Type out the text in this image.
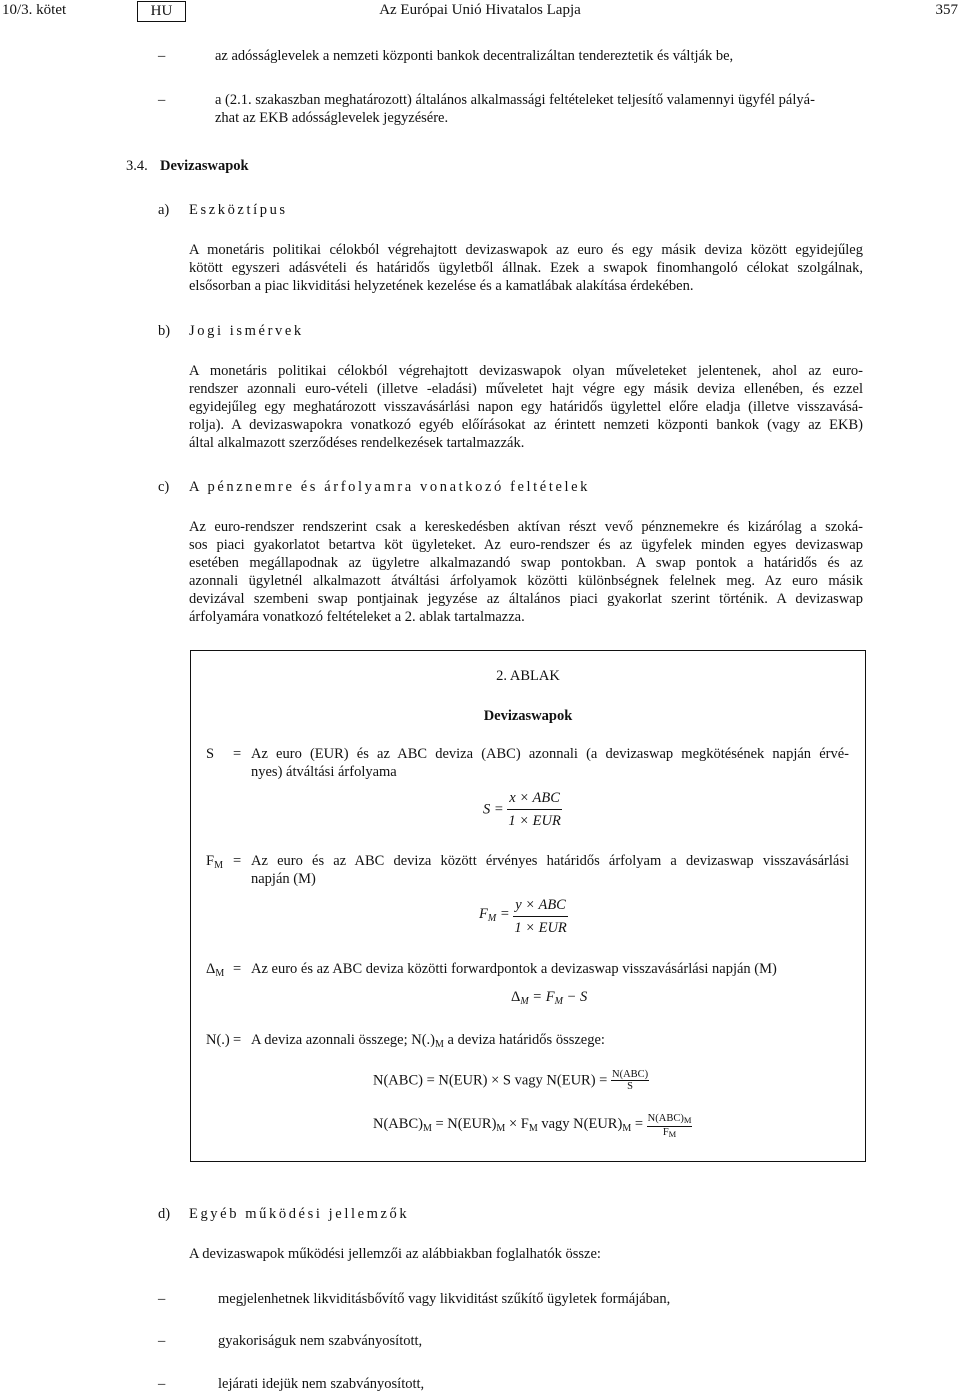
Az Európai Unió Hivatalos Lapja
10/3. kötet	HU	357
–	az adósságlevelek a nemzeti központi bankok decentralizáltan tendereztetik és váltják be,
–	a (2.1. szakaszban meghatározott) általános alkalmassági feltételeket teljesítő valamennyi ügyfél pályá-
zhat az EKB adósságlevelek jegyzésére.
3.4. Devizaswapok
a) Eszköztípus
A monetáris politikai célokból végrehajtott devizaswapok az euro és egy másik deviza között egyidejűleg
kötött egyszeri adásvételi és határidős ügyletből állnak. Ezek a swapok finomhangoló célokat szolgálnak,
elsősorban a piac likviditási helyzetének kezelése és a kamatlábak alakítása érdekében.
b) Jogi ismérvek
A monetáris politikai célokból végrehajtott devizaswapok olyan műveleteket jelentenek, ahol az euro-
rendszer azonnali euro-vételi (illetve -eladási) műveletet hajt végre egy másik deviza ellenében, és ezzel
egyidejűleg egy meghatározott visszavásárlási napon egy határidős ügylettel előre eladja (illetve visszavásá-
rolja). A devizaswapokra vonatkozó egyéb előírásokat az érintett nemzeti központi bankok (vagy az EKB)
által alkalmazott szerződéses rendelkezések tartalmazzák.
c) A pénznemre és árfolyamra vonatkozó feltételek
Az euro-rendszer rendszerint csak a kereskedésben aktívan részt vevő pénznemekre és kizárólag a szoká-
sos piaci gyakorlatot betartva köt ügyleteket. Az euro-rendszer és az ügyfelek minden egyes devizaswap
esetében megállapodnak az ügyletre alkalmazandó swap pontokban. A swap pontok a határidős és az
azonnali ügyletnél alkalmazott átváltási árfolyamok közötti különbségnek felelnek meg. Az euro másik
devizával szembeni swap pontjainak jegyzése az általános piaci gyakorlat szerint történik. A devizaswap
árfolyamára vonatkozó feltételeket a 2. ablak tartalmazza.
2. ABLAK
Devizaswapok
S = Az euro (EUR) és az ABC deviza (ABC) azonnali (a devizaswap megkötésének napján érvé-
nyes) átváltási árfolyama
$S = \frac{\text{x × ABC}}{\text{1 × EUR}}$
$F_M = Az$ euro és az ABC deviza között érvényes határidős árfolyam a devizaswap visszavásárlási
napján (M)
$F_M = \frac{\text{y × ABC}}{\text{1 × EUR}}$
$\Delta_M = Az$ euro és az ABC deviza közötti forwardpontok a devizaswap visszavásárlási napján (M)
$\Delta_M = F_M - S$
N(.) = A deviza azonnali összege; $N(.)_M$ a deviza határidős összege:
N(ABC) = N(EUR) × S vagy $N(EUR) = \frac{\text{N(ABC)}}{S}$
$N(ABC)_M = N(EUR)_M \times F_M$ vagy $N(EUR)_M = \frac{\text{N(ABC)M}}{FM}$
d) Egyéb működési jellemzők
A devizaswapok működési jellemzői az alábbiakban foglalhatók össze:
–	megjelenhetnek likviditásbővítő vagy likviditást szűkítő ügyletek formájában,
–	gyakoriságuk nem szabványosított,
–	lejárati idejük nem szabványosított,
